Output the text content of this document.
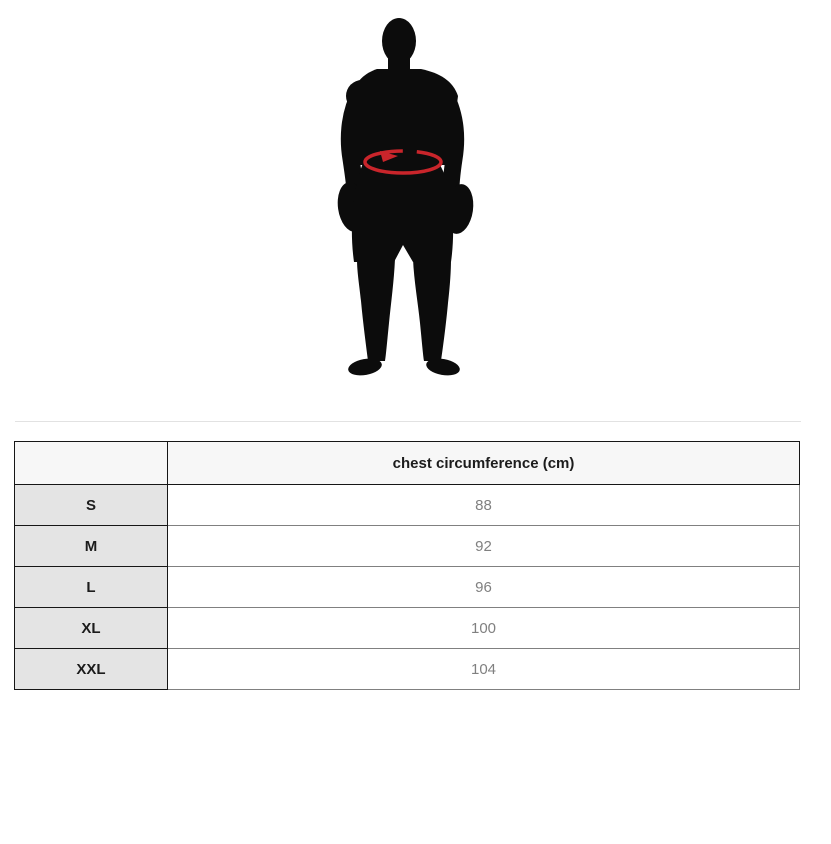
	chest circumference (cm)
S	88
M	92
L	96
XL	100
XXL	104
